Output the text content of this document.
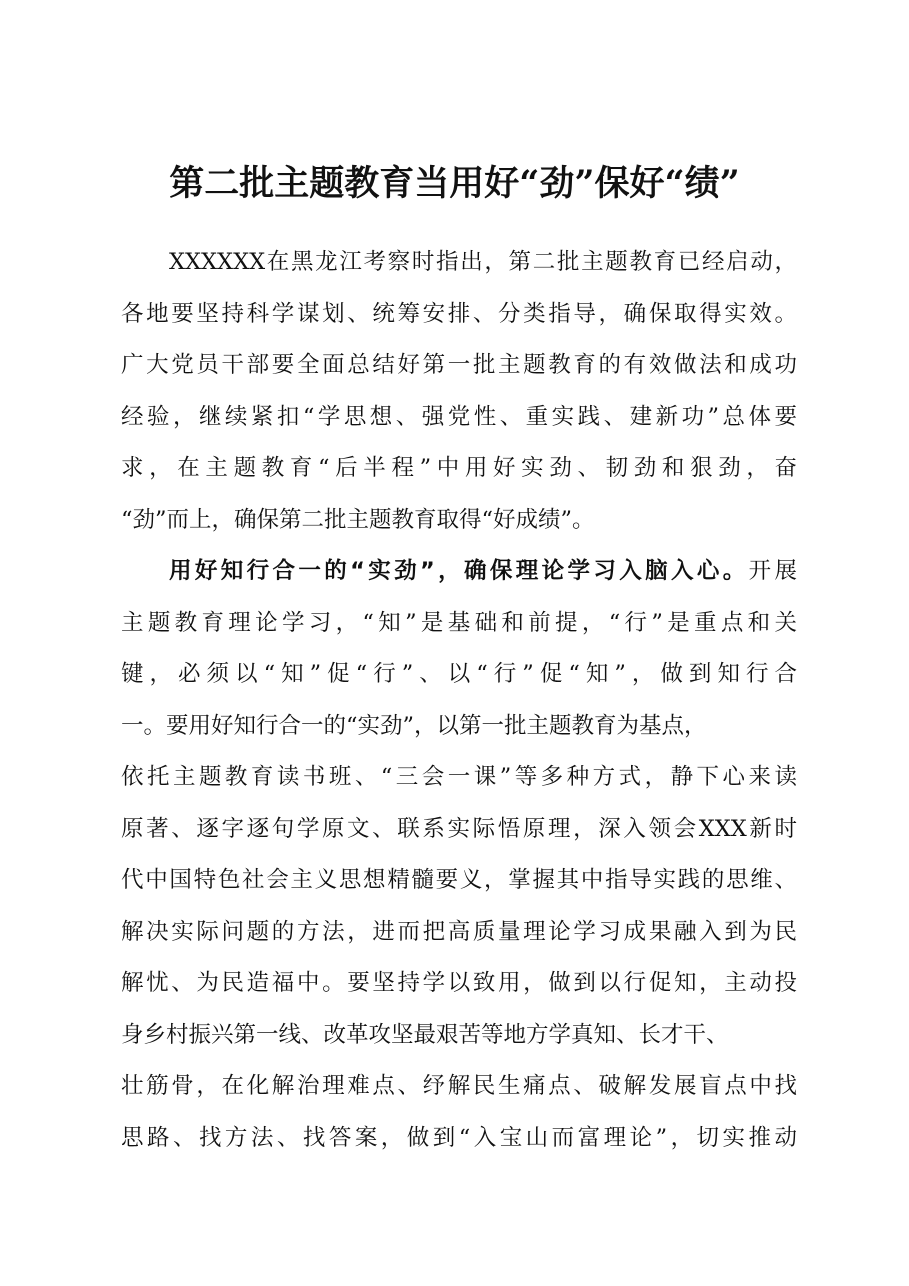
第二批主题教育当用好“劲”保好“绩”
XXXXXX在黑龙江考察时指出，第二批主题教育已经启动，
各地要坚持科学谋划、统筹安排、分类指导，确保取得实效。
广大党员干部要全面总结好第一批主题教育的有效做法和成功
经验，继续紧扣“学思想、强党性、重实践、建新功”总体要
求，在主题教育“后半程”中用好实劲、韧劲和狠劲，奋
“劲”而上，确保第二批主题教育取得“好成绩”。
用好知行合一的“实劲”，确保理论学习入脑入心。开展
主题教育理论学习，“知”是基础和前提，“行”是重点和关
键，必须以“知”促“行”、以“行”促“知”，做到知行合
一。要用好知行合一的“实劲”，以第一批主题教育为基点，
依托主题教育读书班、“三会一课”等多种方式，静下心来读
原著、逐字逐句学原文、联系实际悟原理，深入领会XXX新时
代中国特色社会主义思想精髓要义，掌握其中指导实践的思维、
解决实际问题的方法，进而把高质量理论学习成果融入到为民
解忧、为民造福中。要坚持学以致用，做到以行促知，主动投
身乡村振兴第一线、改革攻坚最艰苦等地方学真知、长才干、
壮筋骨，在化解治理难点、纾解民生痛点、破解发展盲点中找
思路、找方法、找答案，做到“入宝山而富理论”，切实推动
